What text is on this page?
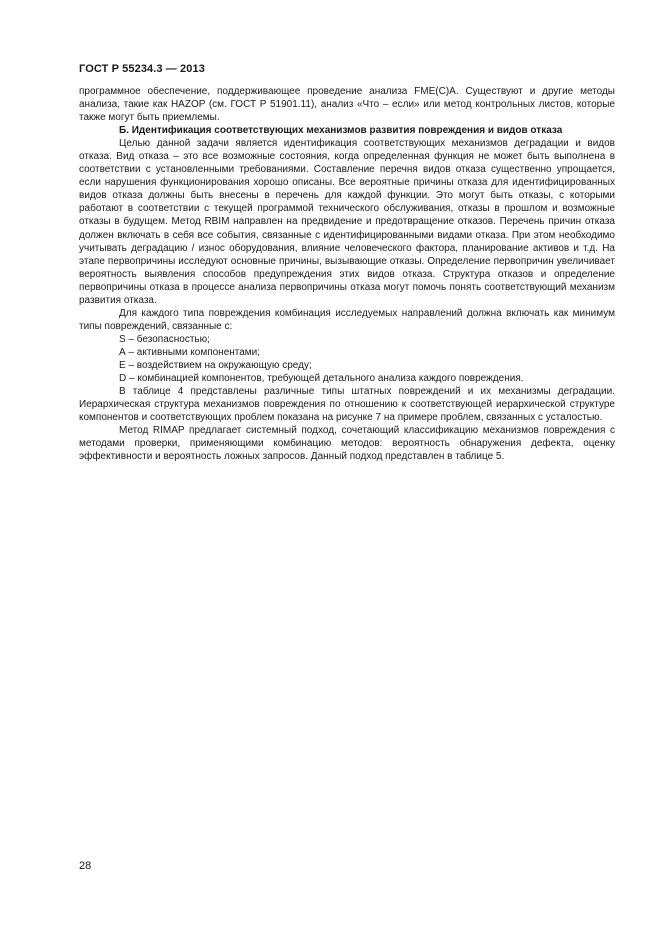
ГОСТ Р 55234.3 — 2013

программное обеспечение, поддерживающее проведение анализа FME(C)A. Существуют и другие методы анализа, такие как HAZOP (см. ГОСТ Р 51901.11), анализ «Что – если» или метод контрольных листов, которые также могут быть приемлемы.

Б. Идентификация соответствующих механизмов развития повреждения и видов отказа

Целью данной задачи является идентификация соответствующих механизмов деградации и видов отказа. Вид отказа – это все возможные состояния, когда определенная функция не может быть выполнена в соответствии с установленными требованиями. Составление перечня видов отказа существенно упрощается, если нарушения функционирования хорошо описаны. Все вероятные причины отказа для идентифицированных видов отказа должны быть внесены в перечень для каждой функции. Это могут быть отказы, с которыми работают в соответствии с текущей программой технического обслуживания, отказы в прошлом и возможные отказы в будущем. Метод RBIM направлен на предвидение и предотвращение отказов. Перечень причин отказа должен включать в себя все события, связанные с идентифицированными видами отказа. При этом необходимо учитывать деградацию / износ оборудования, влияние человеческого фактора, планирование активов и т.д. На этапе первопричины исследуют основные причины, вызывающие отказы. Определение первопричин увеличивает вероятность выявления способов предупреждения этих видов отказа. Структура отказов и определение первопричины отказа в процессе анализа первопричины отказа могут помочь понять соответствующий механизм развития отказа.

Для каждого типа повреждения комбинация исследуемых направлений должна включать как минимум типы повреждений, связанные с:

S – безопасностью;

А – активными компонентами;

Е – воздействием на окружающую среду;

D – комбинацией компонентов, требующей детального анализа каждого повреждения.

В таблице 4 представлены различные типы штатных повреждений и их механизмы деградации. Иерархическая структура механизмов повреждения по отношению к соответствующей иерархической структуре компонентов и соответствующих проблем показана на рисунке 7 на примере проблем, связанных с усталостью.

Метод RIMAP предлагает системный подход, сочетающий классификацию механизмов повреждения с методами проверки, применяющими комбинацию методов: вероятность обнаружения дефекта, оценку эффективности и вероятность ложных запросов. Данный подход представлен в таблице 5.

28
